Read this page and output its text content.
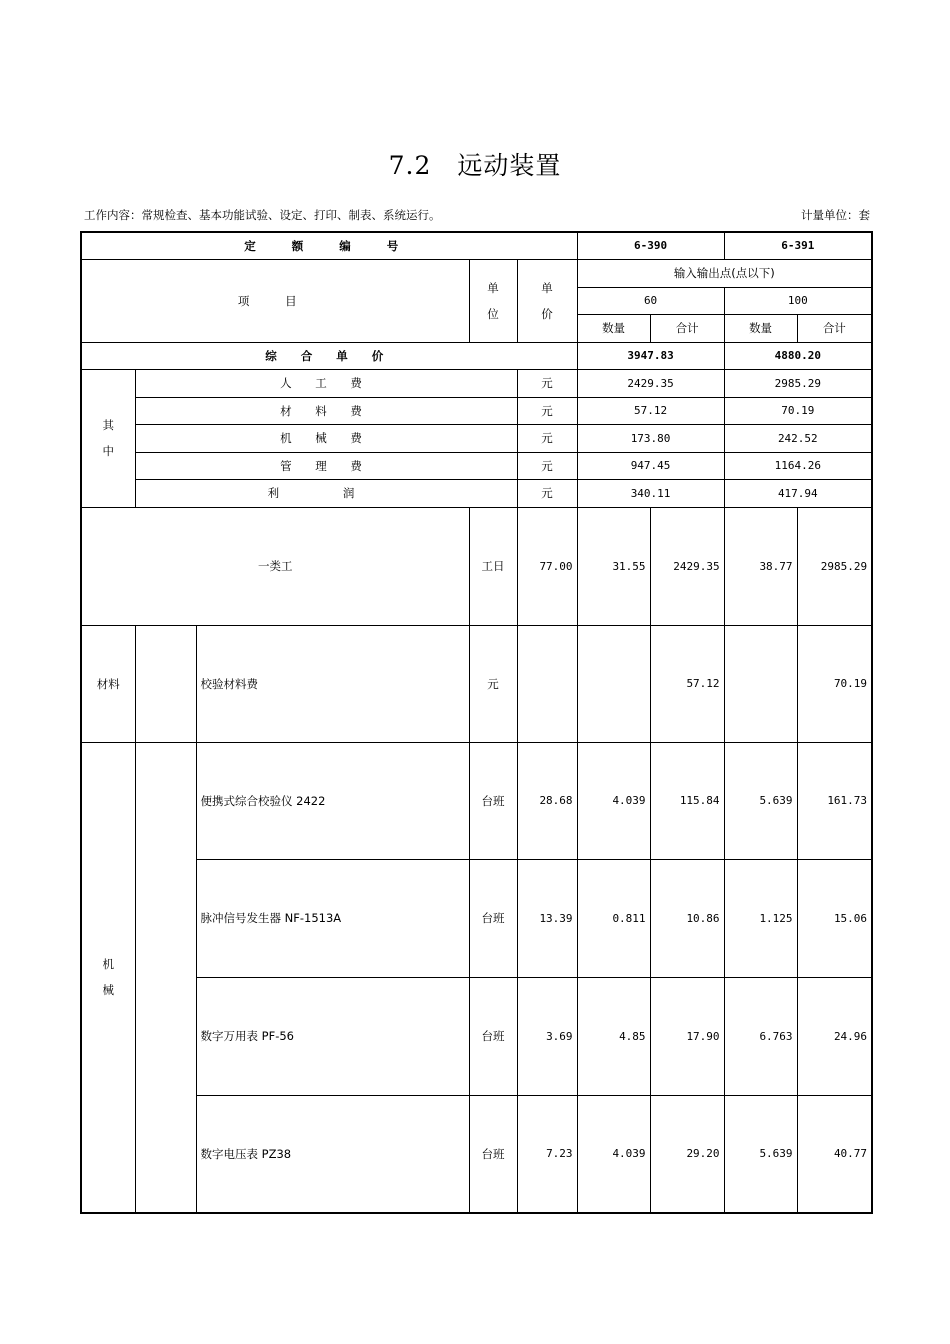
7.2 远动装置
工作内容：常规检查、基本功能试验、设定、打印、制表、系统运行。	计量单位：套
定 额 编 号					6-390		6-391	
项 目			单位	单价	输入输出点(点以下)			
					60		100	
					数量	合计	数量	合计
综 合 单 价					3947.83		4880.20	

其中	人 工 费			元	2429.35		2985.29	
	材 料 费			元	57.12		70.19	
	机 械 费			元	173.80		242.52	
	管 理 费			元	947.45		1164.26	
	利 润			元	340.11		417.94	
一类工			工日	77.00	31.55	2429.35	38.77	2985.29
材料		校验材料费	元			57.12		70.19

机械		便携式综合校验仪 2422	台班	28.68	4.039	115.84	5.639	161.73
		脉冲信号发生器 NF-1513A	台班	13.39	0.811	10.86	1.125	15.06
		数字万用表 PF-56	台班	3.69	4.85	17.90	6.763	24.96
		数字电压表 PZ38	台班	7.23	4.039	29.20	5.639	40.77
